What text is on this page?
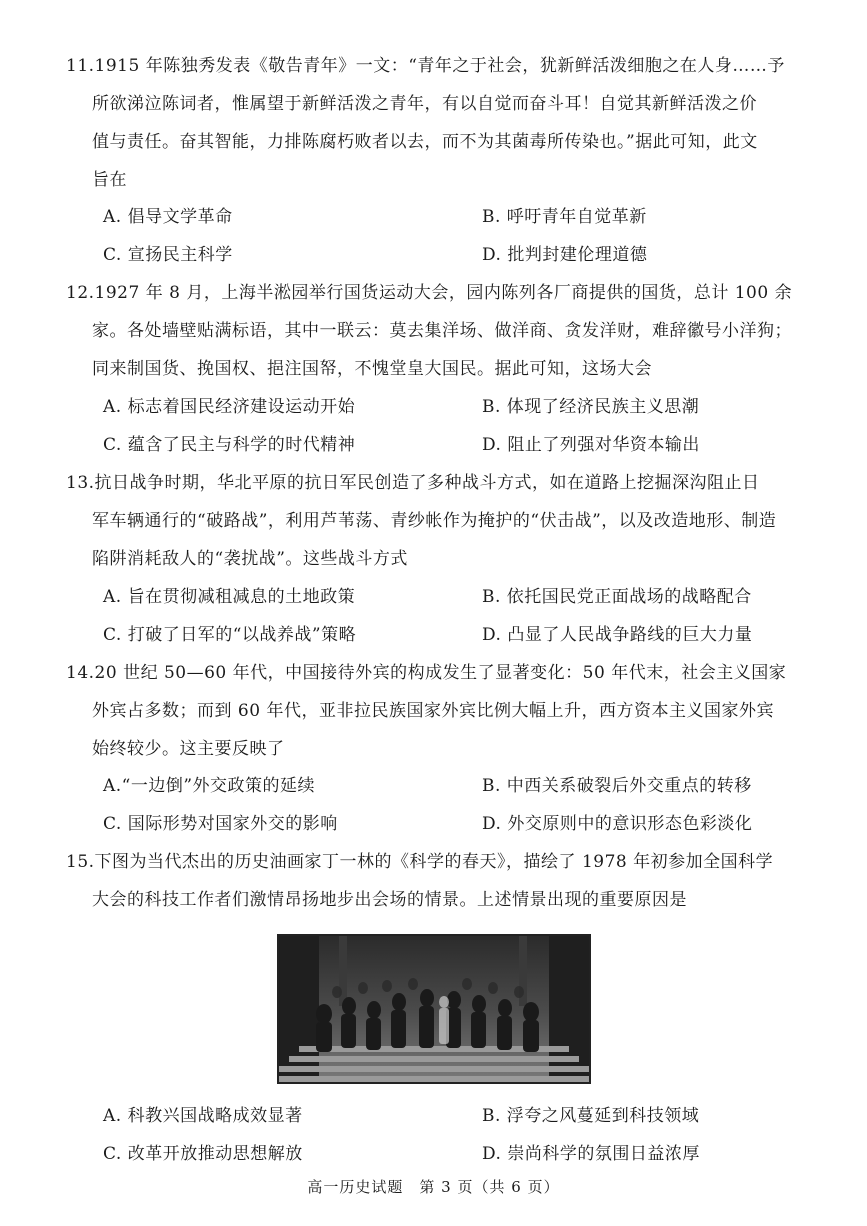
11.1915 年陈独秀发表《敬告青年》一文：“青年之于社会，犹新鲜活泼细胞之在人身……予
所欲涕泣陈词者，惟属望于新鲜活泼之青年，有以自觉而奋斗耳！自觉其新鲜活泼之价
值与责任。奋其智能，力排陈腐朽败者以去，而不为其菌毒所传染也。”据此可知，此文
旨在
A. 倡导文学革命	B. 呼吁青年自觉革新
C. 宣扬民主科学	D. 批判封建伦理道德
12.1927 年 8 月，上海半淞园举行国货运动大会，园内陈列各厂商提供的国货，总计 100 余
家。各处墙壁贴满标语，其中一联云：莫去集洋场、做洋商、贪发洋财，难辞徽号小洋狗；
同来制国货、挽国权、挹注国帑，不愧堂皇大国民。据此可知，这场大会
A. 标志着国民经济建设运动开始	B. 体现了经济民族主义思潮
C. 蕴含了民主与科学的时代精神	D. 阻止了列强对华资本输出
13.抗日战争时期，华北平原的抗日军民创造了多种战斗方式，如在道路上挖掘深沟阻止日
军车辆通行的“破路战”，利用芦苇荡、青纱帐作为掩护的“伏击战”，以及改造地形、制造
陷阱消耗敌人的“袭扰战”。这些战斗方式
A. 旨在贯彻减租减息的土地政策	B. 依托国民党正面战场的战略配合
C. 打破了日军的“以战养战”策略	D. 凸显了人民战争路线的巨大力量
14.20 世纪 50—60 年代，中国接待外宾的构成发生了显著变化：50 年代末，社会主义国家
外宾占多数；而到 60 年代，亚非拉民族国家外宾比例大幅上升，西方资本主义国家外宾
始终较少。这主要反映了
A.“一边倒”外交政策的延续	B. 中西关系破裂后外交重点的转移
C. 国际形势对国家外交的影响	D. 外交原则中的意识形态色彩淡化
15.下图为当代杰出的历史油画家丁一林的《科学的春天》，描绘了 1978 年初参加全国科学
大会的科技工作者们激情昂扬地步出会场的情景。上述情景出现的重要原因是
A. 科教兴国战略成效显著	B. 浮夸之风蔓延到科技领域
C. 改革开放推动思想解放	D. 崇尚科学的氛围日益浓厚
高一历史试题　第 3 页（共 6 页）
